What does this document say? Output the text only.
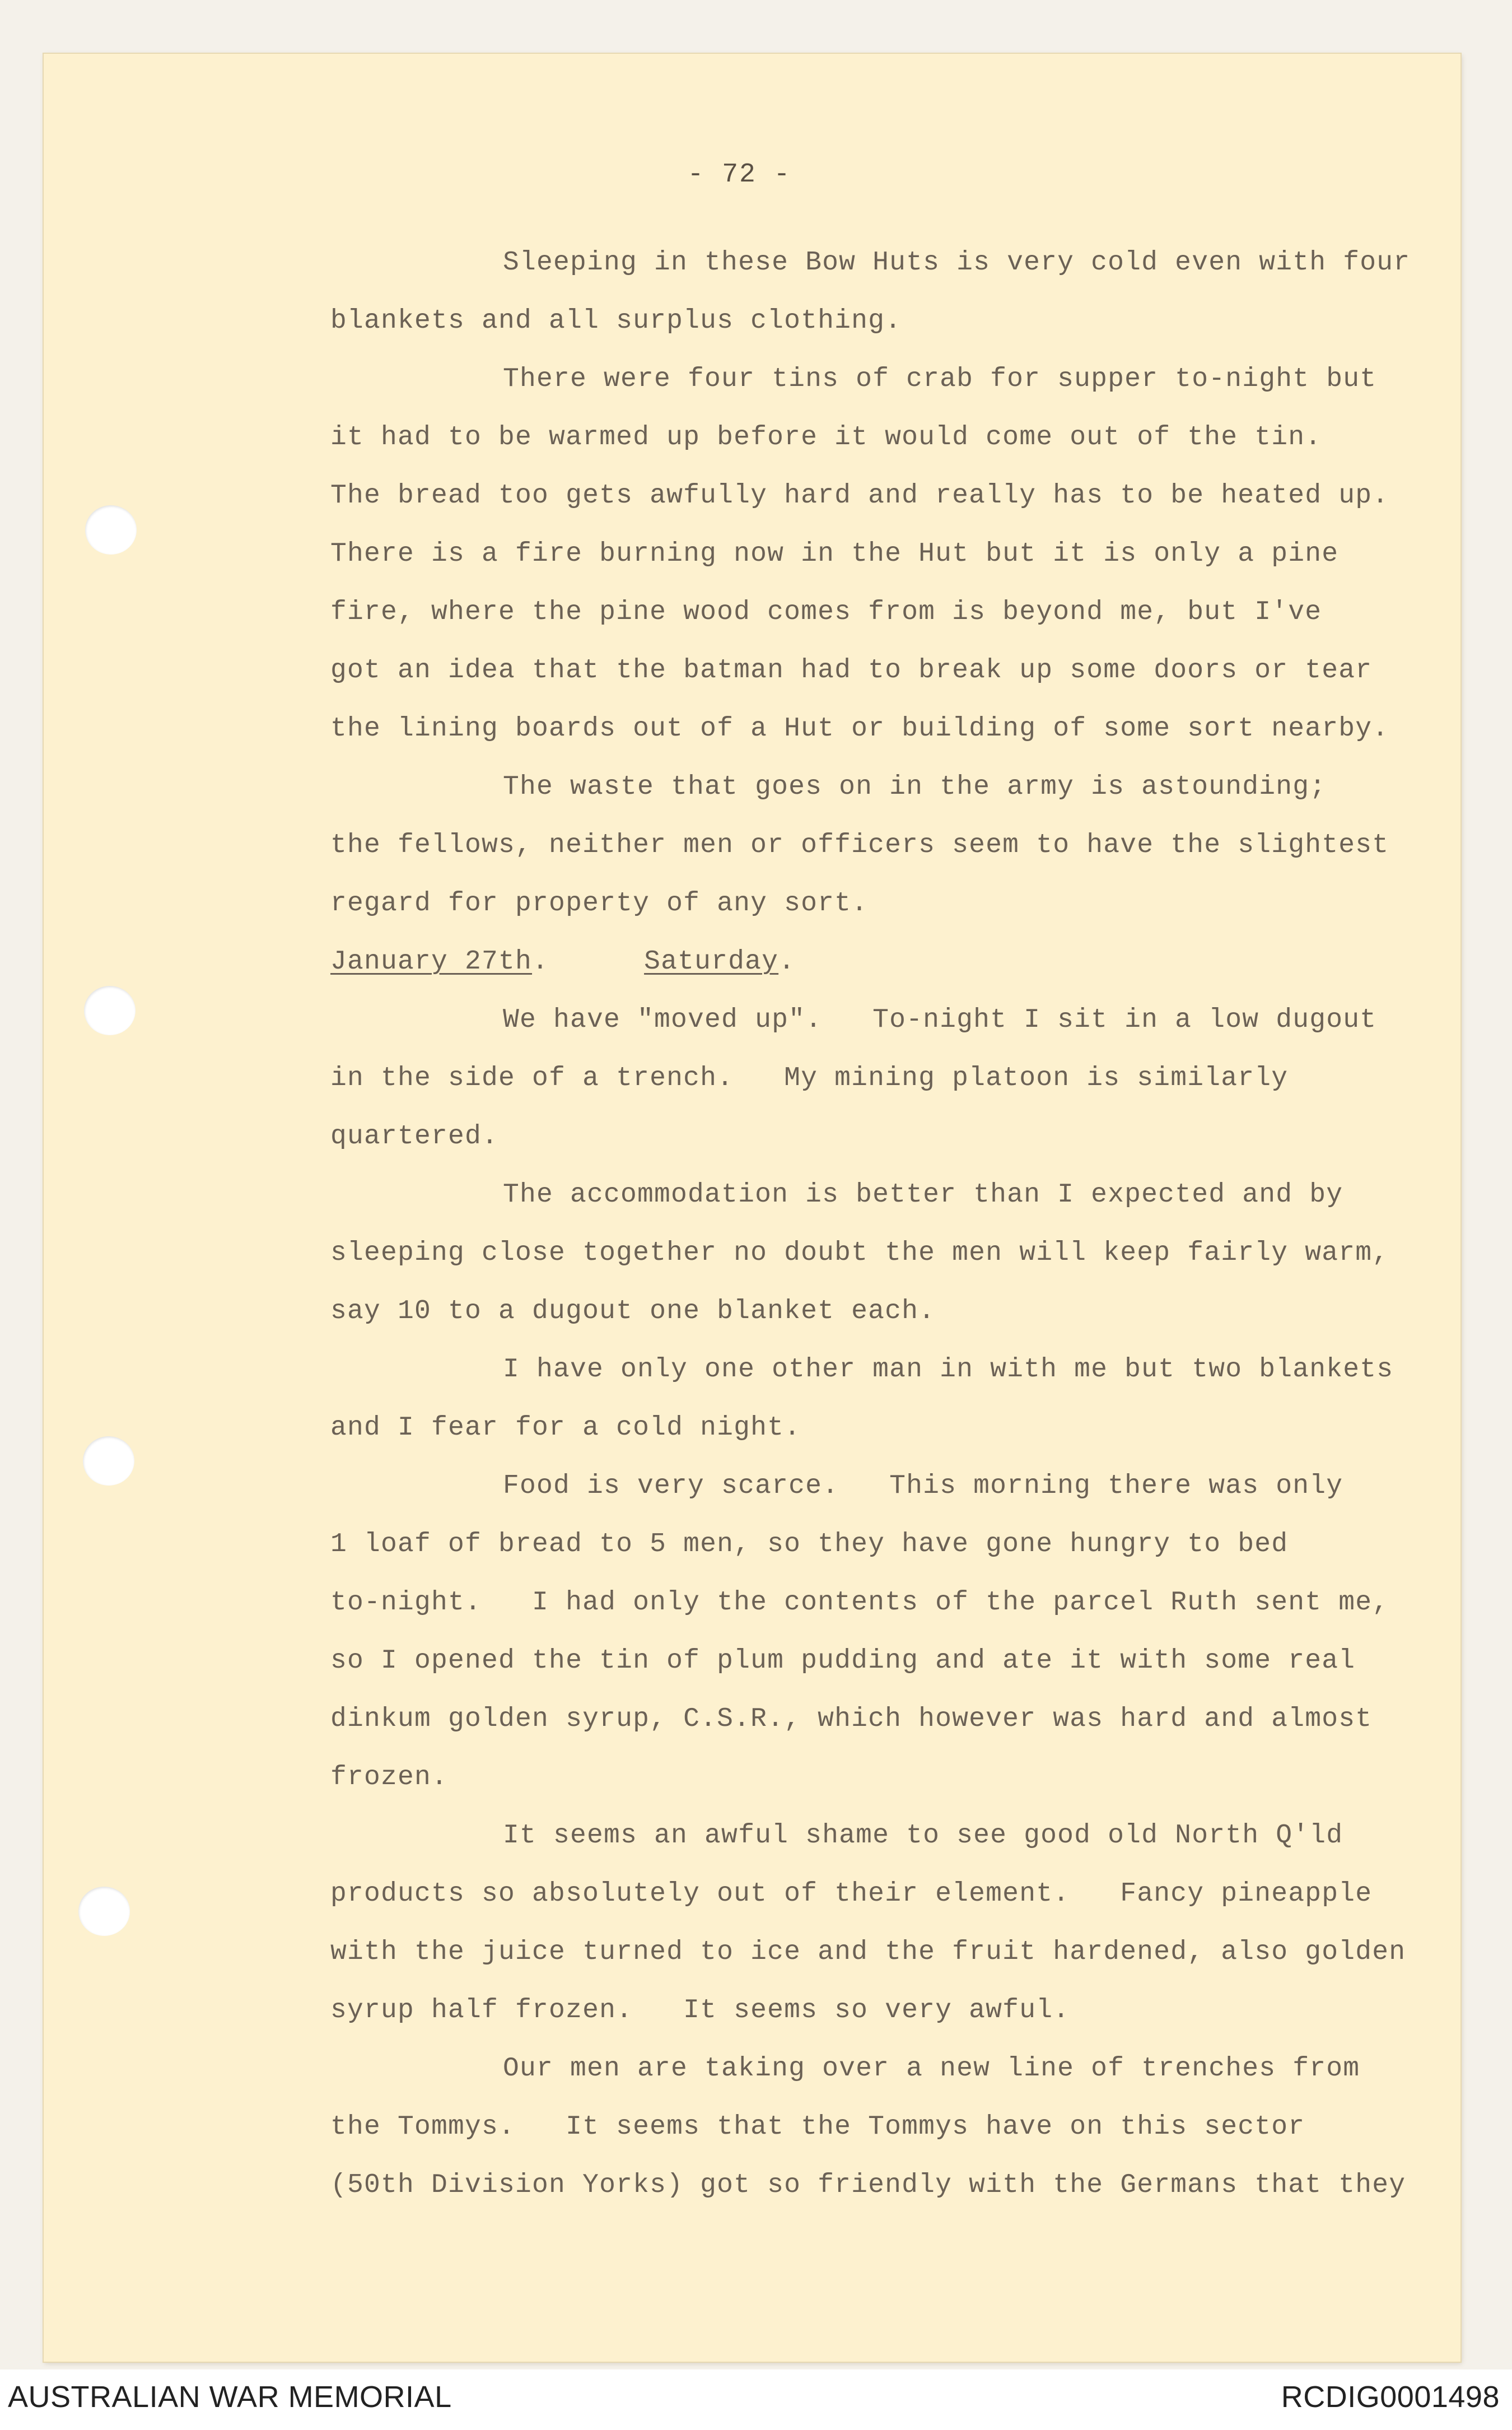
- 72 -
Sleeping in these Bow Huts is very cold even with four
blankets and all surplus clothing.
There were four tins of crab for supper to-night but
it had to be warmed up before it would come out of the tin.
The bread too gets awfully hard and really has to be heated up.
There is a fire burning now in the Hut but it is only a pine
fire, where the pine wood comes from is beyond me, but I've
got an idea that the batman had to break up some doors or tear
the lining boards out of a Hut or building of some sort nearby.
The waste that goes on in the army is astounding;
the fellows, neither men or officers seem to have the slightest
regard for property of any sort.
January 27th.	Saturday.
We have "moved up".   To-night I sit in a low dugout
in the side of a trench.   My mining platoon is similarly
quartered.
The accommodation is better than I expected and by
sleeping close together no doubt the men will keep fairly warm,
say 10 to a dugout one blanket each.
I have only one other man in with me but two blankets
and I fear for a cold night.
Food is very scarce.   This morning there was only
1 loaf of bread to 5 men, so they have gone hungry to bed
to-night.   I had only the contents of the parcel Ruth sent me,
so I opened the tin of plum pudding and ate it with some real
dinkum golden syrup, C.S.R., which however was hard and almost
frozen.
It seems an awful shame to see good old North Q'ld
products so absolutely out of their element.   Fancy pineapple
with the juice turned to ice and the fruit hardened, also golden
syrup half frozen.   It seems so very awful.
Our men are taking over a new line of trenches from
the Tommys.   It seems that the Tommys have on this sector
(50th Division Yorks) got so friendly with the Germans that they
AUSTRALIAN WAR MEMORIAL	RCDIG0001498
